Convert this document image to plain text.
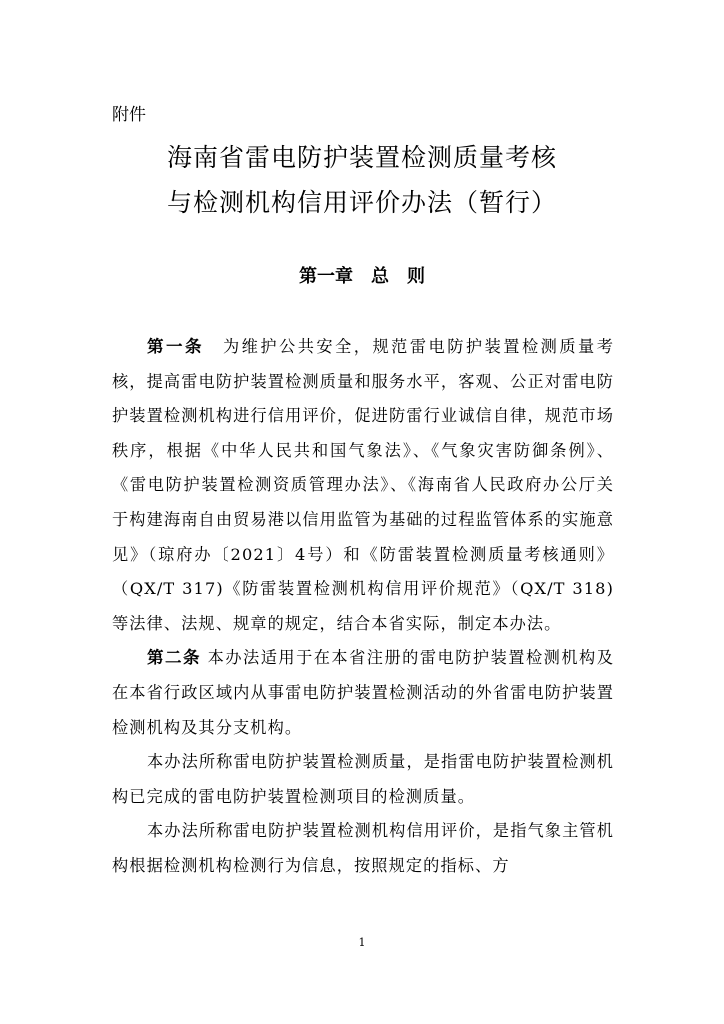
附件
海南省雷电防护装置检测质量考核
与检测机构信用评价办法（暂行）
第一章　总　则

第一条　为维护公共安全，规范雷电防护装置检测质量考核，提高雷电防护装置检测质量和服务水平，客观、公正对雷电防护装置检测机构进行信用评价，促进防雷行业诚信自律，规范市场秩序，根据《中华人民共和国气象法》、《气象灾害防御条例》、《雷电防护装置检测资质管理办法》、《海南省人民政府办公厅关于构建海南自由贸易港以信用监管为基础的过程监管体系的实施意见》（琼府办〔2021〕4号）和《防雷装置检测质量考核通则》（QX/T 317)《防雷装置检测机构信用评价规范》（QX/T 318)等法律、法规、规章的规定，结合本省实际，制定本办法。

第二条 本办法适用于在本省注册的雷电防护装置检测机构及在本省行政区域内从事雷电防护装置检测活动的外省雷电防护装置检测机构及其分支机构。

本办法所称雷电防护装置检测质量，是指雷电防护装置检测机构已完成的雷电防护装置检测项目的检测质量。

本办法所称雷电防护装置检测机构信用评价，是指气象主管机构根据检测机构检测行为信息，按照规定的指标、方

1
